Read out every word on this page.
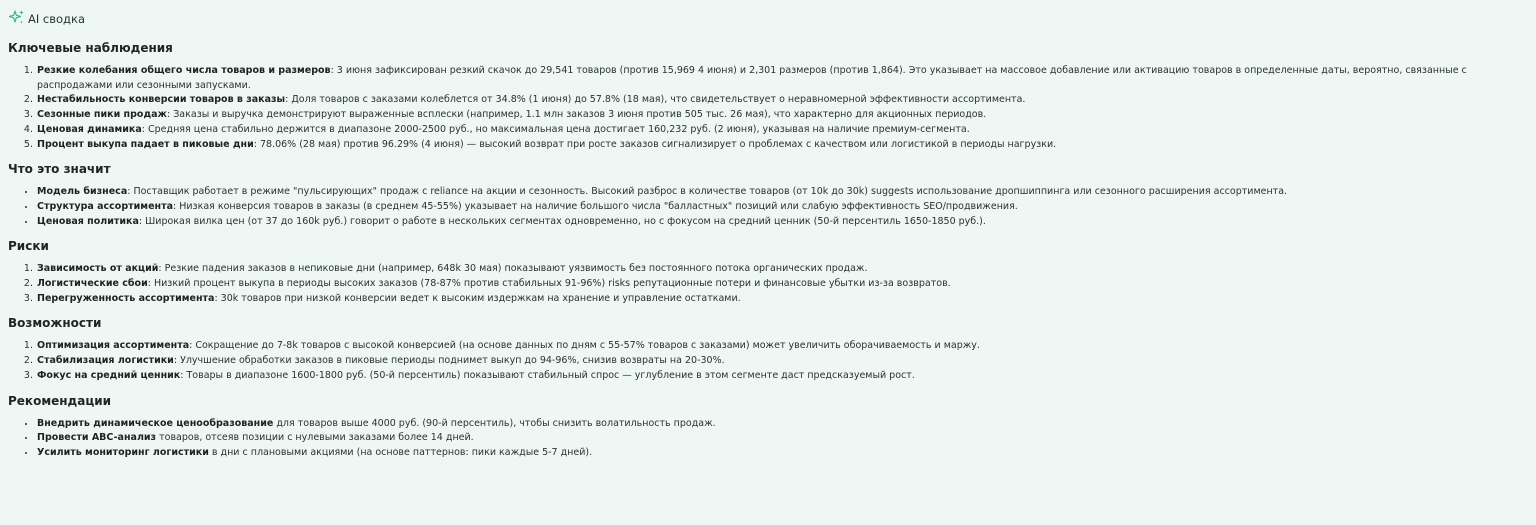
AI сводка
Ключевые наблюдения
1. Резкие колебания общего числа товаров и размеров: 3 июня зафиксирован резкий скачок до 29,541 товаров (против 15,969 4 июня) и 2,301 размеров (против 1,864). Это указывает на массовое добавление или активацию товаров в определенные даты, вероятно, связанные с распродажами или сезонными запусками.
2. Нестабильность конверсии товаров в заказы: Доля товаров с заказами колеблется от 34.8% (1 июня) до 57.8% (18 мая), что свидетельствует о неравномерной эффективности ассортимента.
3. Сезонные пики продаж: Заказы и выручка демонстрируют выраженные всплески (например, 1.1 млн заказов 3 июня против 505 тыс. 26 мая), что характерно для акционных периодов.
4. Ценовая динамика: Средняя цена стабильно держится в диапазоне 2000-2500 руб., но максимальная цена достигает 160,232 руб. (2 июня), указывая на наличие премиум-сегмента.
5. Процент выкупа падает в пиковые дни: 78.06% (28 мая) против 96.29% (4 июня) — высокий возврат при росте заказов сигнализирует о проблемах с качеством или логистикой в периоды нагрузки.
Что это значит
• Модель бизнеса: Поставщик работает в режиме "пульсирующих" продаж с reliance на акции и сезонность. Высокий разброс в количестве товаров (от 10k до 30k) suggests использование дропшиппинга или сезонного расширения ассортимента.
• Структура ассортимента: Низкая конверсия товаров в заказы (в среднем 45-55%) указывает на наличие большого числа "балластных" позиций или слабую эффективность SEO/продвижения.
• Ценовая политика: Широкая вилка цен (от 37 до 160k руб.) говорит о работе в нескольких сегментах одновременно, но с фокусом на средний ценник (50-й персентиль 1650-1850 руб.).
Риски
1. Зависимость от акций: Резкие падения заказов в непиковые дни (например, 648k 30 мая) показывают уязвимость без постоянного потока органических продаж.
2. Логистические сбои: Низкий процент выкупа в периоды высоких заказов (78-87% против стабильных 91-96%) risks репутационные потери и финансовые убытки из-за возвратов.
3. Перегруженность ассортимента: 30k товаров при низкой конверсии ведет к высоким издержкам на хранение и управление остатками.
Возможности
1. Оптимизация ассортимента: Сокращение до 7-8k товаров с высокой конверсией (на основе данных по дням с 55-57% товаров с заказами) может увеличить оборачиваемость и маржу.
2. Стабилизация логистики: Улучшение обработки заказов в пиковые периоды поднимет выкуп до 94-96%, снизив возвраты на 20-30%.
3. Фокус на средний ценник: Товары в диапазоне 1600-1800 руб. (50-й персентиль) показывают стабильный спрос — углубление в этом сегменте даст предсказуемый рост.
Рекомендации
• Внедрить динамическое ценообразование для товаров выше 4000 руб. (90-й персентиль), чтобы снизить волатильность продаж.
• Провести ABC-анализ товаров, отсеяв позиции с нулевыми заказами более 14 дней.
• Усилить мониторинг логистики в дни с плановыми акциями (на основе паттернов: пики каждые 5-7 дней).
